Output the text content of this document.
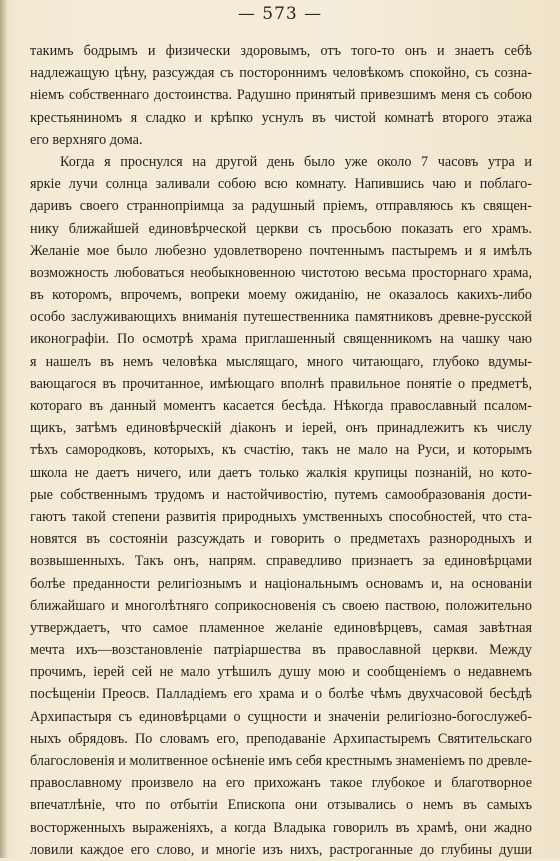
— 573 —
такимъ бодрымъ и физически здоровымъ, отъ того-то онъ и знаетъ себѣ
надлежащую цѣну, разсуждая съ постороннимъ человѣкомъ спокойно, съ созна-
ніемъ собственнаго достоинства. Радушно принятый привезшимъ меня съ собою
крестьяниномъ я сладко и крѣпко уснулъ въ чистой комнатѣ второго этажа
его верхняго дома.
Когда я проснулся на другой день было уже около 7 часовъ утра и
яркіе лучи солнца заливали собою всю комнату. Напившись чаю и поблаго-
даривъ своего страннопріимца за радушный пріемъ, отправляюсь къ священ-
нику ближайшей единовѣрческой церкви съ просьбою показать его храмъ.
Желаніе мое было любезно удовлетворено почтеннымъ пастыремъ и я имѣлъ
возможность любоваться необыкновенною чистотою весьма просторнаго храма,
въ которомъ, впрочемъ, вопреки моему ожиданію, не оказалось какихъ-либо
особо заслуживающихъ вниманія путешественника памятниковъ древне-русской
иконографіи. По осмотрѣ храма приглашенный священникомъ на чашку чаю
я нашелъ въ немъ человѣка мыслящаго, много читающаго, глубоко вдумы-
вающагося въ прочитанное, имѣющаго вполнѣ правильное понятіе о предметѣ,
котораго въ данный моментъ касается бесѣда. Нѣкогда православный псалом-
щикъ, затѣмъ единовѣрческій діаконъ и іерей, онъ принадлежитъ къ числу
тѣхъ самородковъ, которыхъ, къ счастію, такъ не мало на Руси, и которымъ
школа не даетъ ничего, или даетъ только жалкія крупицы познаній, но кото-
рые собственнымъ трудомъ и настойчивостію, путемъ самообразованія дости-
гаютъ такой степени развитія природныхъ умственныхъ способностей, что ста-
новятся въ состояніи разсуждать и говорить о предметахъ разнородныхъ и
возвышенныхъ. Такъ онъ, напрям. справедливо признаетъ за единовѣрцами
болѣе преданности религіознымъ и національнымъ основамъ и, на основаніи
ближайшаго и многолѣтняго соприкосновенія съ своею паствою, положительно
утверждаетъ, что самое пламенное желаніе единовѣрцевъ, самая завѣтная
мечта ихъ—возстановленіе патріаршества въ православной церкви. Между
прочимъ, іерей сей не мало утѣшилъ душу мою и сообщеніемъ о недавнемъ
посѣщеніи Преосв. Палладіемъ его храма и о болѣе чѣмъ двухчасовой бесѣдѣ
Архипастыря съ единовѣрцами о сущности и значеніи религіозно-богослужеб-
ныхъ обрядовъ. По словамъ его, преподаваніе Архипастыремъ Святительскаго
благословенія и молитвенное осѣненіе имъ себя крестнымъ знаменіемъ по древле-
православному произвело на его прихожанъ такое глубокое и благотворное
впечатлѣніе, что по отбытіи Епископа они отзывались о немъ въ самыхъ
восторженныхъ выраженіяхъ, а когда Владыка говорилъ въ храмѣ, они жадно
ловили каждое его слово, и многіе изъ нихъ, растроганные до глубины души
